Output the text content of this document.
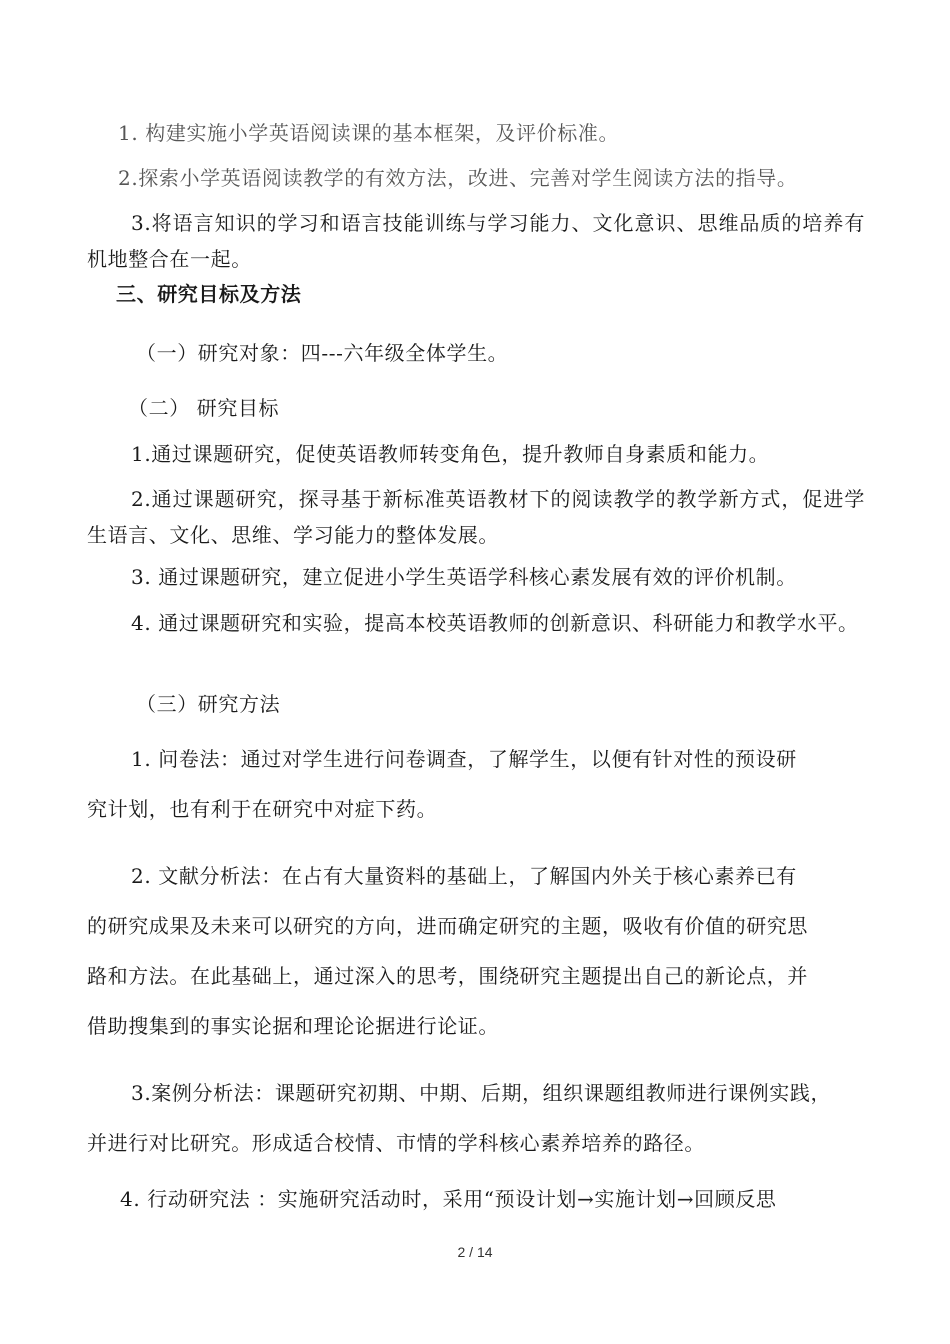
1. 构建实施小学英语阅读课的基本框架，及评价标准。
2.探索小学英语阅读教学的有效方法，改进、完善对学生阅读方法的指导。
3.将语言知识的学习和语言技能训练与学习能力、文化意识、思维品质的培养有机地整合在一起。
三、研究目标及方法
（一）研究对象：四---六年级全体学生。
（二） 研究目标
1.通过课题研究，促使英语教师转变角色，提升教师自身素质和能力。
2.通过课题研究，探寻基于新标准英语教材下的阅读教学的教学新方式，促进学生语言、文化、思维、学习能力的整体发展。
3. 通过课题研究，建立促进小学生英语学科核心素发展有效的评价机制。
4. 通过课题研究和实验，提高本校英语教师的创新意识、科研能力和教学水平。
（三）研究方法
1. 问卷法：通过对学生进行问卷调查，了解学生，以便有针对性的预设研
究计划，也有利于在研究中对症下药。
2. 文献分析法：在占有大量资料的基础上，了解国内外关于核心素养已有
的研究成果及未来可以研究的方向，进而确定研究的主题，吸收有价值的研究思
路和方法。在此基础上，通过深入的思考，围绕研究主题提出自己的新论点，并
借助搜集到的事实论据和理论论据进行论证。
3.案例分析法：课题研究初期、中期、后期，组织课题组教师进行课例实践，
并进行对比研究。形成适合校情、市情的学科核心素养培养的路径。
4. 行动研究法 ：实施研究活动时，采用“预设计划→实施计划→回顾反思
2 / 14
